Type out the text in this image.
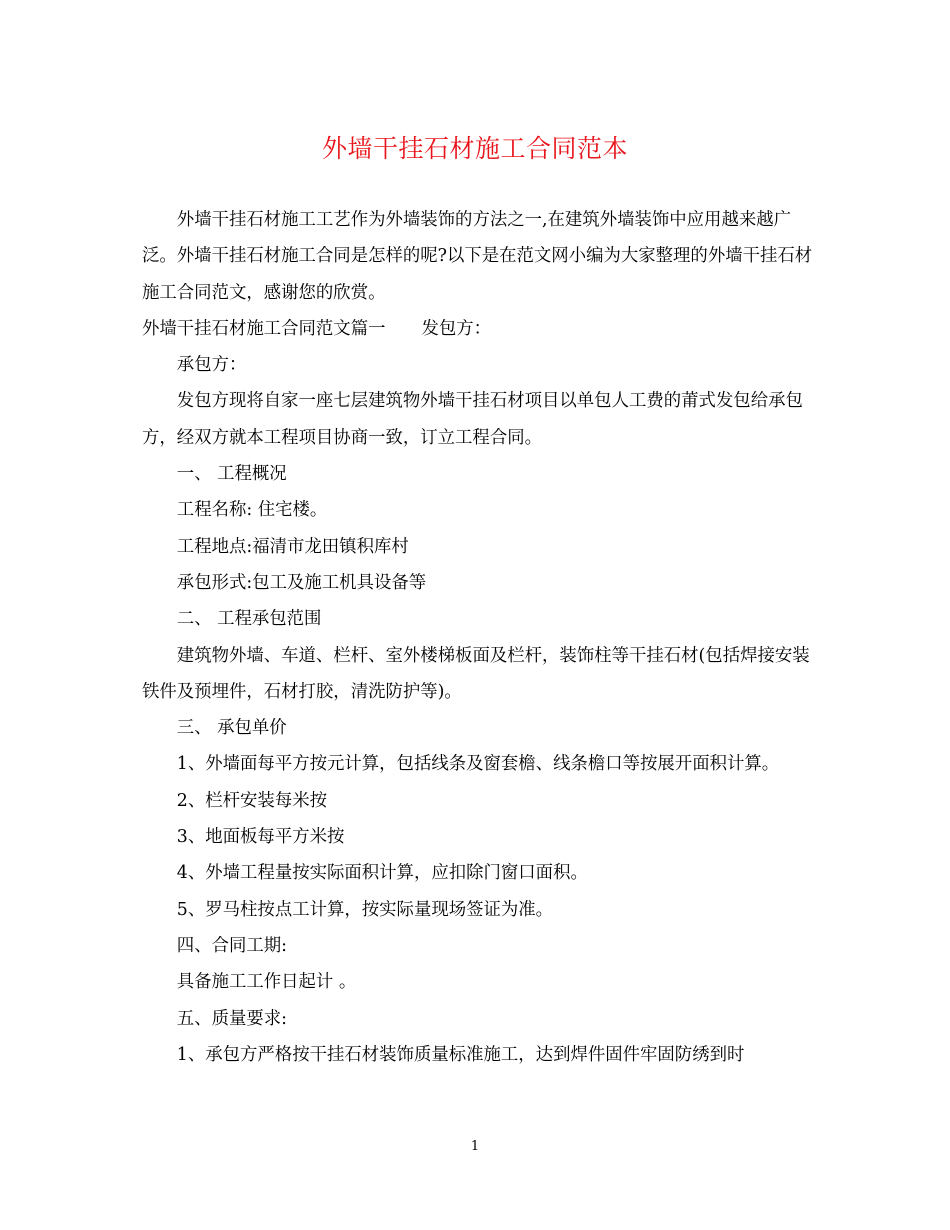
外墙干挂石材施工合同范本

外墙干挂石材施工工艺作为外墙装饰的方法之一,在建筑外墙装饰中应用越来越广泛。外墙干挂石材施工合同是怎样的呢?以下是在范文网小编为大家整理的外墙干挂石材施工合同范文，感谢您的欣赏。

外墙干挂石材施工合同范文篇一 发包方：

承包方：

发包方现将自家一座七层建筑物外墙干挂石材项目以单包人工费的莆式发包给承包方，经双方就本工程项目协商一致，订立工程合同。

一、 工程概况

工程名称: 住宅楼。

工程地点:福清市龙田镇积库村

承包形式:包工及施工机具设备等

二、 工程承包范围

建筑物外墙、车道、栏杆、室外楼梯板面及栏杆，装饰柱等干挂石材(包括焊接安装铁件及预埋件，石材打胶，清洗防护等)。

三、 承包单价

1、外墙面每平方按元计算，包括线条及窗套檐、线条檐口等按展开面积计算。

2、栏杆安装每米按

3、地面板每平方米按

4、外墙工程量按实际面积计算，应扣除门窗口面积。

5、罗马柱按点工计算，按实际量现场签证为准。

四、合同工期:

具备施工工作日起计 。

五、质量要求:

1、承包方严格按干挂石材装饰质量标准施工，达到焊件固件牢固防绣到时

1
